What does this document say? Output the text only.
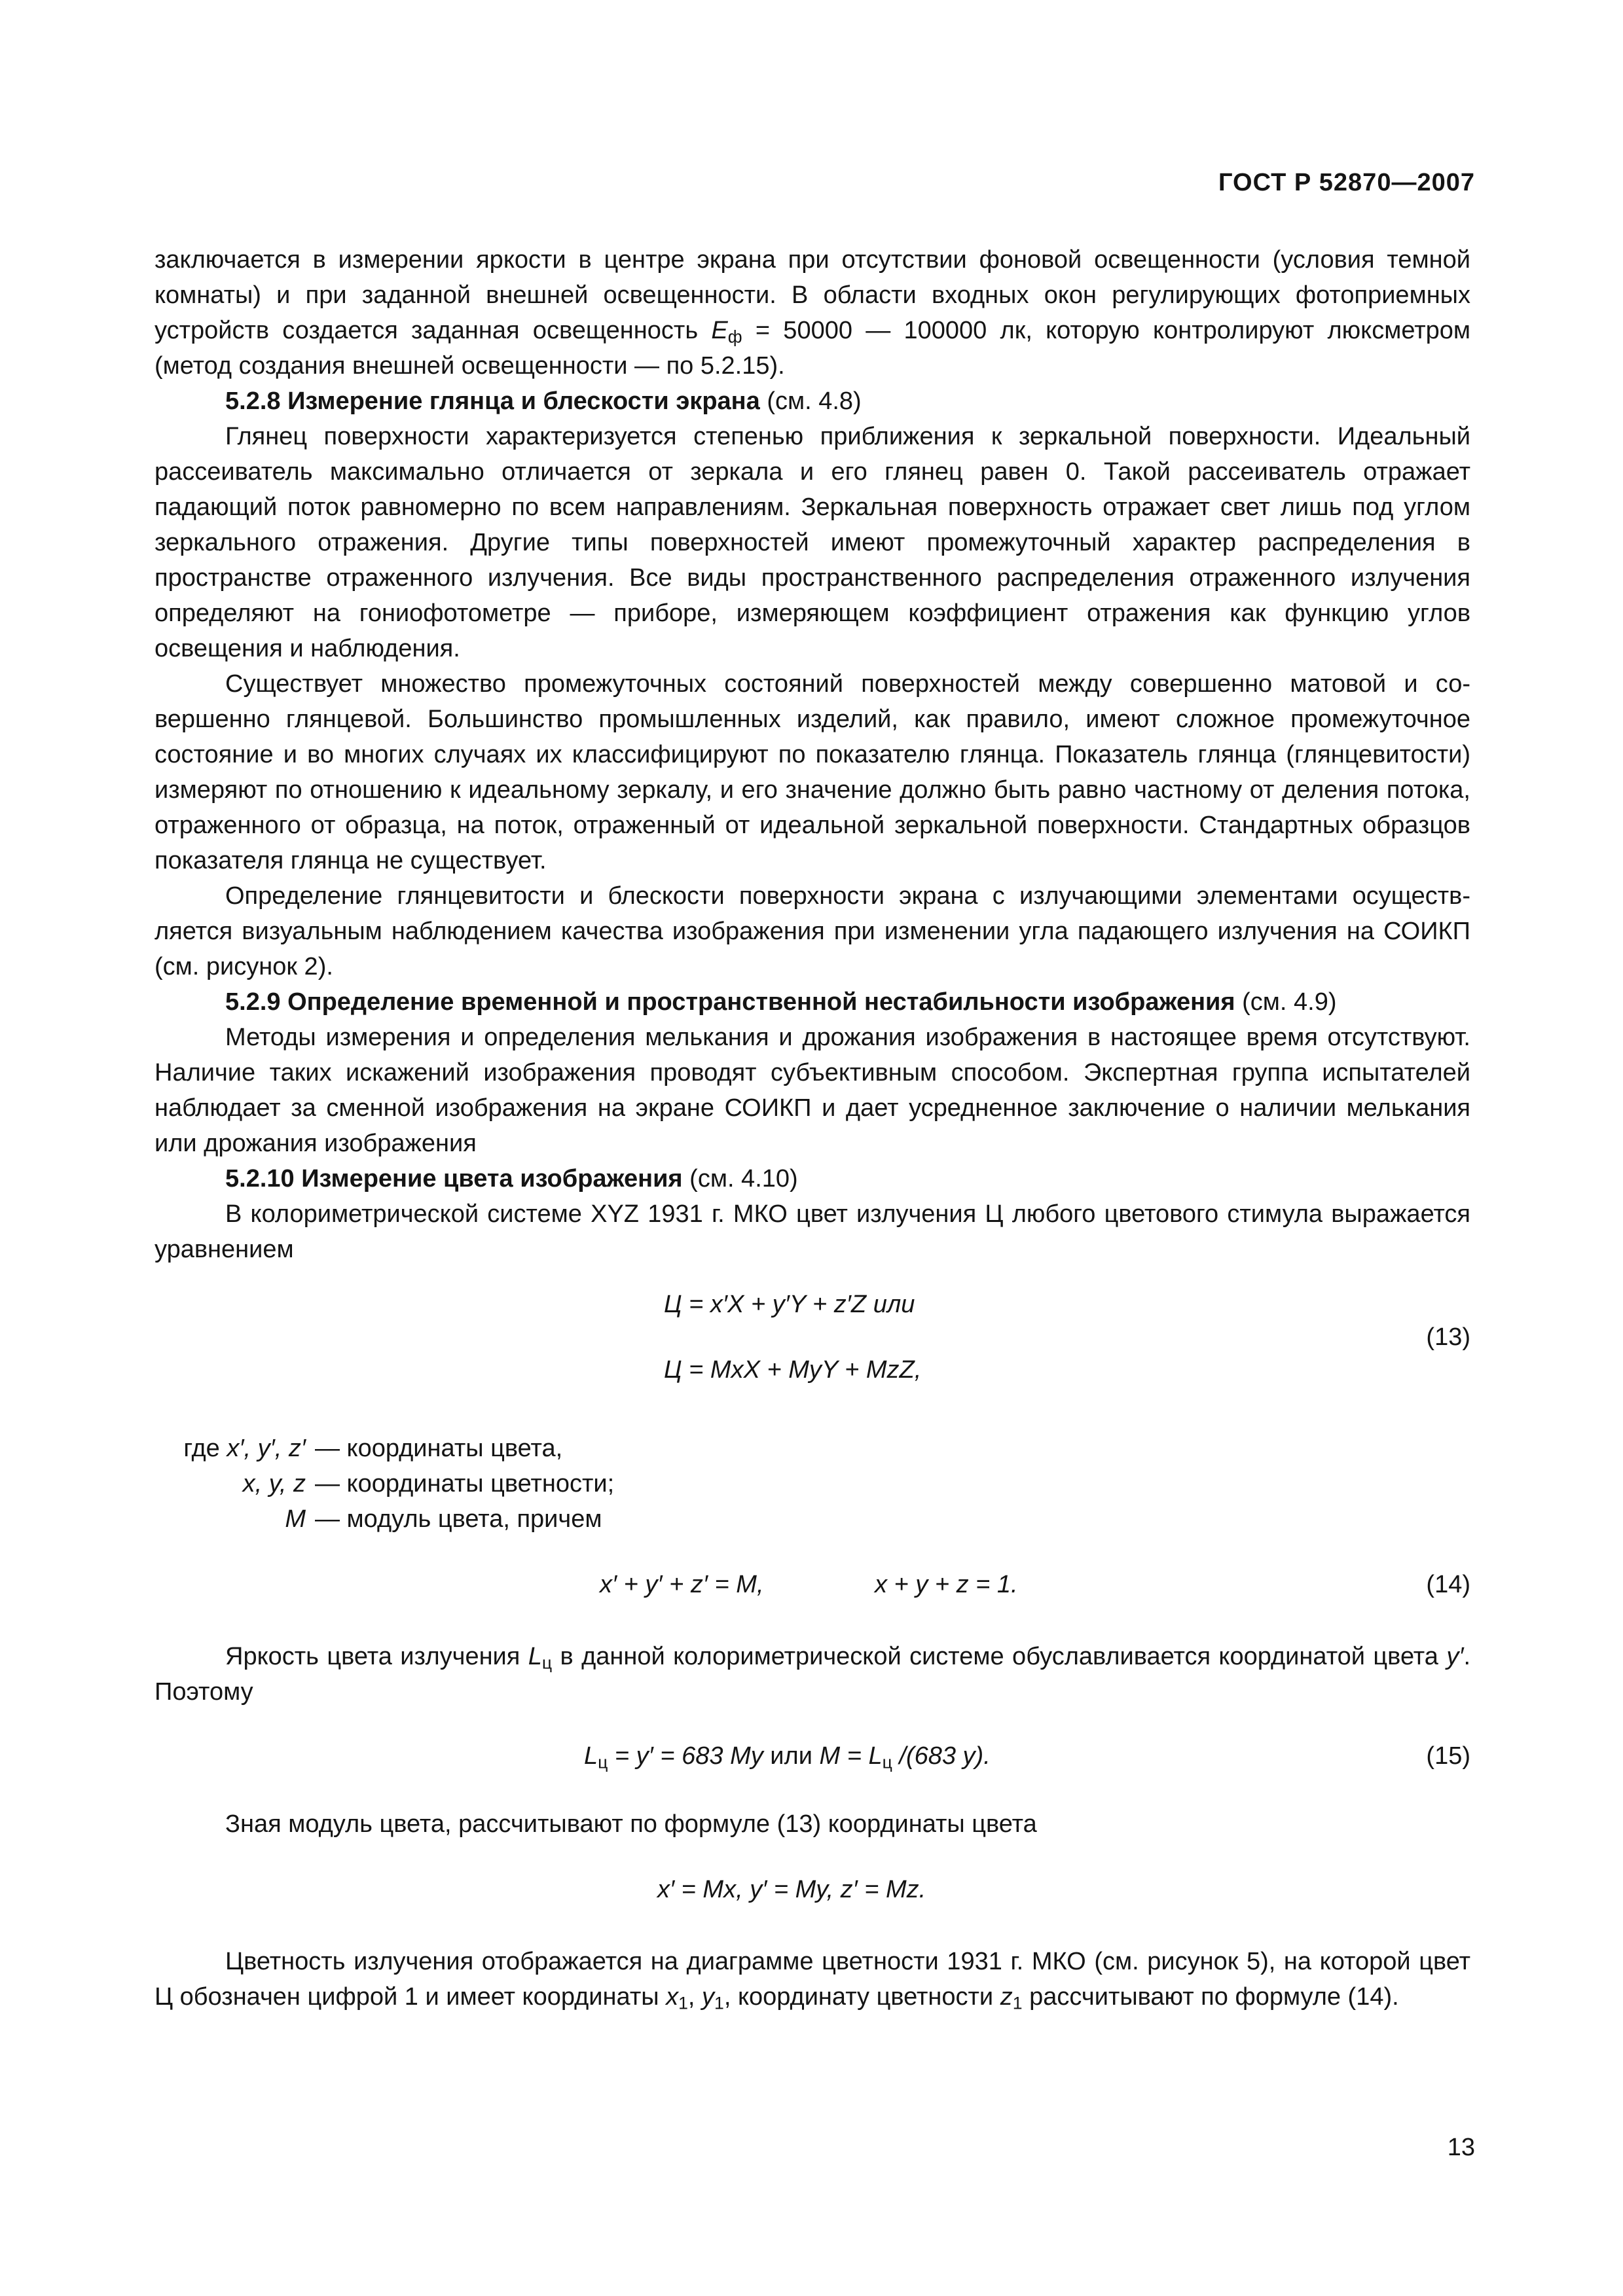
ГОСТ Р 52870—2007

заключается в измерении яркости в центре экрана при отсутствии фоновой освещенности (условия темной комнаты) и при заданной внешней освещенности. В области входных окон регулирующих фотоприемных устройств создается заданная освещенность $E_ф = 50000$ — 100000 лк, которую контролируют люксметром (метод создания внешней освещенности — по 5.2.15).

5.2.8 Измерение глянца и блескости экрана (см. 4.8)

Глянец поверхности характеризуется степенью приближения к зеркальной поверхности. Идеальный рассеиватель максимально отличается от зеркала и его глянец равен 0. Такой рассеиватель отражает падающий поток равномерно по всем направлениям. Зеркальная поверхность отражает свет лишь под углом зеркального отражения. Другие типы поверхностей имеют промежуточный характер распределения в пространстве отраженного излучения. Все виды пространственного распределения отраженного излучения определяют на гониофотометре — приборе, измеряющем коэффициент отражения как функцию углов освещения и наблюдения.

Существует множество промежуточных состояний поверхностей между совершенно матовой и совершенно глянцевой. Большинство промышленных изделий, как правило, имеют сложное промежуточное состояние и во многих случаях их классифицируют по показателю глянца. Показатель глянца (глянцевитости) измеряют по отношению к идеальному зеркалу, и его значение должно быть равно частному от деления потока, отраженного от образца, на поток, отраженный от идеальной зеркальной поверхности. Стандартных образцов показателя глянца не существует.

Определение глянцевитости и блескости поверхности экрана с излучающими элементами осуществляется визуальным наблюдением качества изображения при изменении угла падающего излучения на СОИКП (см. рисунок 2).

5.2.9 Определение временной и пространственной нестабильности изображения (см. 4.9)

Методы измерения и определения мелькания и дрожания изображения в настоящее время отсутствуют. Наличие таких искажений изображения проводят субъективным способом. Экспертная группа испытателей наблюдает за сменной изображения на экране СОИКП и дает усредненное заключение о наличии мелькания или дрожания изображения

5.2.10 Измерение цвета изображения (см. 4.10)

В колориметрической системе XYZ 1931 г. МКО цвет излучения Ц любого цветового стимула выражается уравнением

Ц = x′X + y′Y + z′Z или
Ц = MxX + MyY + MzZ,
(13)
где x′, y′, z′ — координаты цвета,
x, y, z — координаты цветности;
M — модуль цвета, причем
x′ + y′ + z′ = M,	x + y + z = 1.	(14)

Яркость цвета излучения $L_ц$ в данной колориметрической системе обуславливается координатой цвета y′. Поэтому

$L_ц = y' = 683$ My или $M = L_ц$ /(683 y).	(15)

Зная модуль цвета, рассчитывают по формуле (13) координаты цвета

x′ = Mx, y′ = My, z′ = Mz.

Цветность излучения отображается на диаграмме цветности 1931 г. МКО (см. рисунок 5), на которой цвет Ц обозначен цифрой 1 и имеет координаты $x_1$, $y_1$, координату цветности $z_1$ рассчитывают по формуле (14).

13
